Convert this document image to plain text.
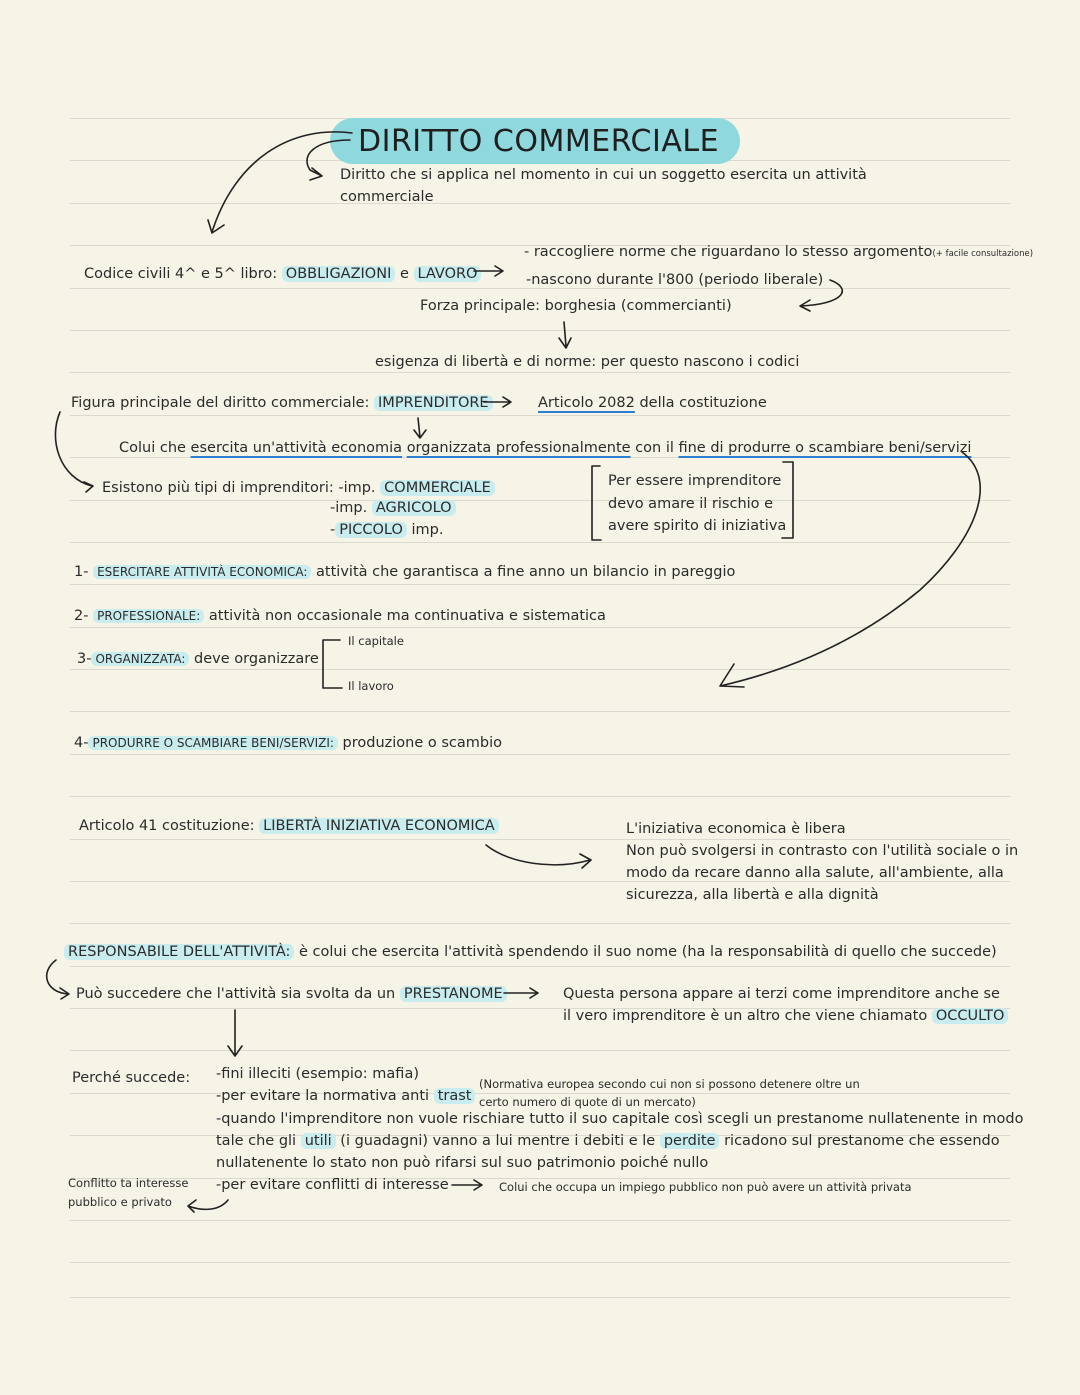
DIRITTO COMMERCIALE
Diritto che si applica nel momento in cui un soggetto esercita un attività
commerciale
Codice civili 4^ e 5^ libro: OBBLIGAZIONI e LAVORO
- raccogliere norme che riguardano lo stesso argomento(+ facile consultazione)
-nascono durante l'800 (periodo liberale)
Forza principale: borghesia (commercianti)
esigenza di libertà e di norme: per questo nascono i codici
Figura principale del diritto commerciale: IMPRENDITORE	Articolo 2082 della costituzione
Colui che esercita un'attività economia organizzata professionalmente con il fine di produrre o scambiare beni/servizi
Esistono più tipi di imprenditori: -imp. COMMERCIALE
-imp. AGRICOLO
- PICCOLO imp.
Per essere imprenditore
devo amare il rischio e
avere spirito di iniziativa
1- ESERCITARE ATTIVITÀ ECONOMICA: attività che garantisca a fine anno un bilancio in pareggio
2- PROFESSIONALE: attività non occasionale ma continuativa e sistematica
3- ORGANIZZATA: deve organizzare
Il capitale
Il lavoro
4- PRODURRE O SCAMBIARE BENI/SERVIZI: produzione o scambio
Articolo 41 costituzione: LIBERTÀ INIZIATIVA ECONOMICA	L'iniziativa economica è libera
Non può svolgersi in contrasto con l'utilità sociale o in
modo da recare danno alla salute, all'ambiente, alla
sicurezza, alla libertà e alla dignità
RESPONSABILE DELL'ATTIVITÀ: è colui che esercita l'attività spendendo il suo nome (ha la responsabilità di quello che succede)
Può succedere che l'attività sia svolta da un PRESTANOME	Questa persona appare ai terzi come imprenditore anche se
il vero imprenditore è un altro che viene chiamato OCCULTO
Perché succede: -fini illeciti (esempio: mafia)
-per evitare la normativa anti trast
(Normativa europea secondo cui non si possono detenere oltre un
certo numero di quote di un mercato)
-quando l'imprenditore non vuole rischiare tutto il suo capitale così scegli un prestanome nullatenente in modo
tale che gli utili (i guadagni) vanno a lui mentre i debiti e le perdite ricadono sul prestanome che essendo
nullatenente lo stato non può rifarsi sul suo patrimonio poiché nullo
-per evitare conflitti di interesse	Colui che occupa un impiego pubblico non può avere un attività privata
Conflitto ta interesse
pubblico e privato
